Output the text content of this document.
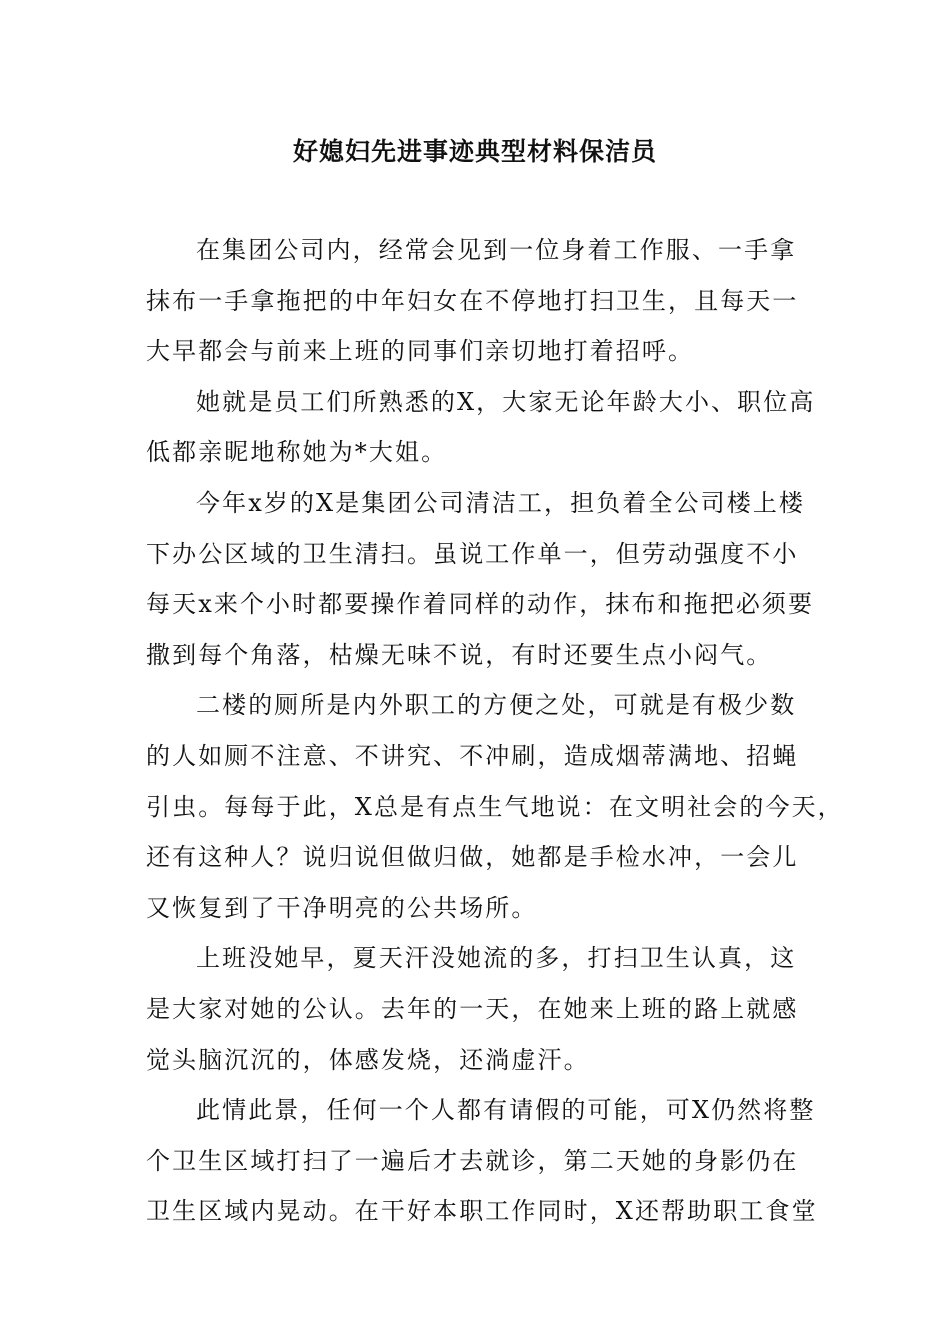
好媳妇先进事迹典型材料保洁员
在集团公司内，经常会见到一位身着工作服、一手拿
抹布一手拿拖把的中年妇女在不停地打扫卫生，且每天一
大早都会与前来上班的同事们亲切地打着招呼。
她就是员工们所熟悉的X，大家无论年龄大小、职位高
低都亲昵地称她为*大姐。
今年x岁的X是集团公司清洁工，担负着全公司楼上楼
下办公区域的卫生清扫。虽说工作单一，但劳动强度不小
每天x来个小时都要操作着同样的动作，抹布和拖把必须要
撒到每个角落，枯燥无味不说，有时还要生点小闷气。
二楼的厕所是内外职工的方便之处，可就是有极少数
的人如厕不注意、不讲究、不冲刷，造成烟蒂满地、招蝇
引虫。每每于此，X总是有点生气地说：在文明社会的今天，
还有这种人？说归说但做归做，她都是手检水冲，一会儿
又恢复到了干净明亮的公共场所。
上班没她早，夏天汗没她流的多，打扫卫生认真，这
是大家对她的公认。去年的一天，在她来上班的路上就感
觉头脑沉沉的，体感发烧，还淌虚汗。
此情此景，任何一个人都有请假的可能，可X仍然将整
个卫生区域打扫了一遍后才去就诊，第二天她的身影仍在
卫生区域内晃动。在干好本职工作同时，X还帮助职工食堂
